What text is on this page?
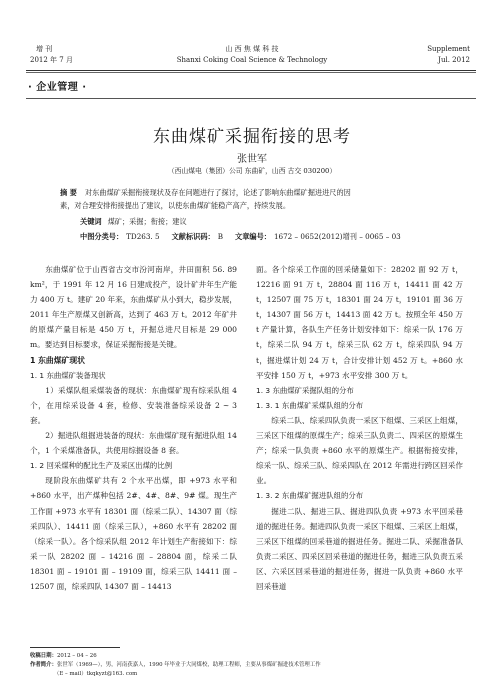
增 刊
2012 年 7 月
山 西 焦 煤 科 技
Shanxi Coking Coal Science & Technology
Supplement
Jul. 2012
· 企业管理 ·
东曲煤矿采掘衔接的思考
张世军
（西山煤电（集团）公司 东曲矿，山西 古交 030200）
摘 要 对东曲煤矿采掘衔接现状及存在问题进行了探讨，论述了影响东曲煤矿掘进进尺的因
素，对合理安排衔接提出了建议，以使东曲煤矿能稳产高产，持续发展。
关键词 煤矿；采掘；衔接；建议
中图分类号： TD263. 5 文献标识码： B 文章编号： 1672 – 0652(2012)增刊 – 0065 – 03

东曲煤矿位于山西省古交市汾河南岸，井田面积 56. 89 km²，于 1991 年 12 月 16 日建成投产，设计矿井年生产能力 400 万 t。建矿 20 年来，东曲煤矿从小到大，稳步发展，2011 年生产原煤又创新高，达到了 463 万 t。2012 年矿井的原煤产量目标是 450 万 t，开掘总进尺目标是 29 000 m。要达到目标要求，保证采掘衔接是关键。

1 东曲煤矿现状

1. 1 东曲煤矿装备现状

1）采煤队组采煤装备的现状：东曲煤矿现有综采队组 4 个，在用综采设备 4 套，检修、安装准备综采设备 2 ~ 3 套。

2）掘进队组掘进装备的现状：东曲煤矿现有掘进队组 14 个，1 个采煤准备队，共使用综掘设备 8 套。

1. 2 回采煤种的配比生产及采区出煤的比例

现阶段东曲煤矿共有 2 个水平出煤，即 +973 水平和 +860 水平，出产煤种包括 2#、4#、8#、9# 煤。现生产工作面 +973 水平有 18301 面（综采二队）、14307 面（综采四队）、14411 面（综采三队），+860 水平有 28202 面（综采一队）。各个综采队组 2012 年计划生产衔接如下：综采一队 28202 面 – 14216 面 – 28804 面，综采二队 18301 面 – 19101 面 – 19109 面，综采三队 14411 面 – 12507 面，综采四队 14307 面 – 14413

面。各个综采工作面的回采储量如下：28202 面 92 万 t，12216 面 91 万 t，28804 面 116 万 t，14411 面 42 万 t，12507 面 75 万 t，18301 面 24 万 t，19101 面 36 万 t，14307 面 56 万 t，14413 面 42 万 t。按照全年 450 万 t 产量计算，各队生产任务计划安排如下：综采一队 176 万 t，综采二队 94 万 t，综采三队 62 万 t，综采四队 94 万 t，掘进煤计划 24 万 t，合计安排计划 452 万 t。+860 水平安排 150 万 t，+973 水平安排 300 万 t。

1. 3 东曲煤矿采掘队组的分布

1. 3. 1 东曲煤矿采煤队组的分布

综采二队、综采四队负责一采区下组煤、三采区上组煤，三采区下组煤的原煤生产；综采三队负责二、四采区的原煤生产；综采一队负责 +860 水平的原煤生产。根据衔接安排，综采一队、综采三队、综采四队在 2012 年需进行跨区回采作业。

1. 3. 2 东曲煤矿掘进队组的分布

掘进二队、掘进三队、掘进四队负责 +973 水平回采巷道的掘进任务。掘进四队负责一采区下组煤、三采区上组煤，三采区下组煤的回采巷道的掘进任务。掘进二队、采掘准备队负责二采区、四采区回采巷道的掘进任务，掘进三队负责五采区、六采区回采巷道的掘进任务，掘进一队负责 +860 水平回采巷道

收稿日期：2012 – 04 – 26
作者简介：张世军（1969—），男，河南获嘉人，1990 年毕业于大同煤校，助理工程师，主要从事煤矿掘进技术管理工作
（E – mail）tkqkyzt@163. com
